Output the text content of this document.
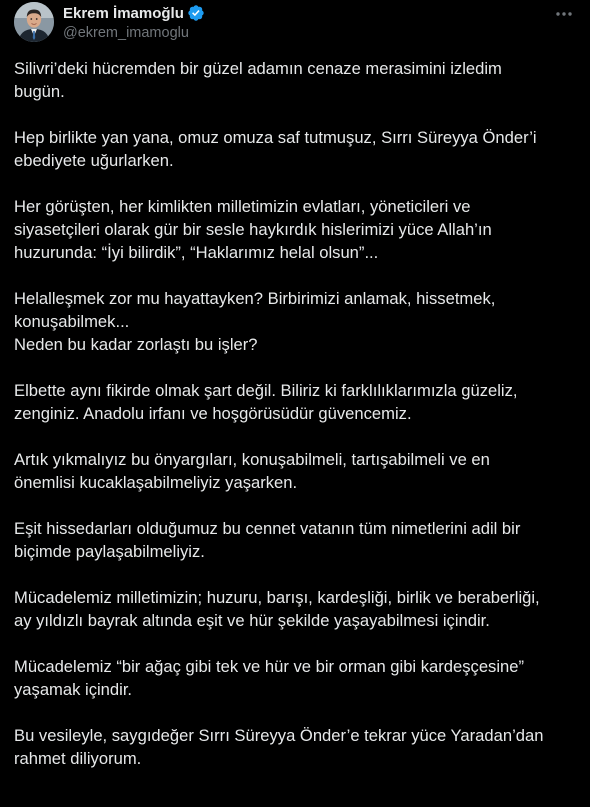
Ekrem İmamoğlu
@ekrem_imamoglu

Silivri’deki hücremden bir güzel adamın cenaze merasimini izledim
bugün.

Hep birlikte yan yana, omuz omuza saf tutmuşuz, Sırrı Süreyya Önder’i
ebediyete uğurlarken.

Her görüşten, her kimlikten milletimizin evlatları, yöneticileri ve
siyasetçileri olarak gür bir sesle haykırdık hislerimizi yüce Allah’ın
huzurunda: “İyi bilirdik”, “Haklarımız helal olsun”...

Helalleşmek zor mu hayattayken? Birbirimizi anlamak, hissetmek,
konuşabilmek...
Neden bu kadar zorlaştı bu işler?

Elbette aynı fikirde olmak şart değil. Biliriz ki farklılıklarımızla güzeliz,
zenginiz. Anadolu irfanı ve hoşgörüsüdür güvencemiz.

Artık yıkmalıyız bu önyargıları, konuşabilmeli, tartışabilmeli ve en
önemlisi kucaklaşabilmeliyiz yaşarken.

Eşit hissedarları olduğumuz bu cennet vatanın tüm nimetlerini adil bir
biçimde paylaşabilmeliyiz.

Mücadelemiz milletimizin; huzuru, barışı, kardeşliği, birlik ve beraberliği,
ay yıldızlı bayrak altında eşit ve hür şekilde yaşayabilmesi içindir.

Mücadelemiz “bir ağaç gibi tek ve hür ve bir orman gibi kardeşçesine”
yaşamak içindir.

Bu vesileyle, saygıdeğer Sırrı Süreyya Önder’e tekrar yüce Yaradan’dan
rahmet diliyorum.
